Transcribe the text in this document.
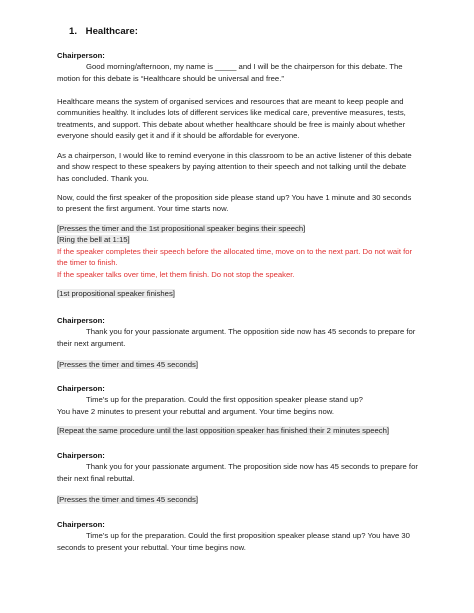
1. Healthcare:

Chairperson:

Good morning/afternoon, my name is _____ and I will be the chairperson for this debate. The

motion for this debate is “Healthcare should be universal and free.”

Healthcare means the system of organised services and resources that are meant to keep people and

communities healthy. It includes lots of different services like medical care, preventive measures, tests,

treatments, and support. This debate about whether healthcare should be free is mainly about whether

everyone should easily get it and if it should be affordable for everyone.

As a chairperson, I would like to remind everyone in this classroom to be an active listener of this debate

and show respect to these speakers by paying attention to their speech and not talking until the debate

has concluded. Thank you.

Now, could the first speaker of the proposition side please stand up? You have 1 minute and 30 seconds

to present the first argument. Your time starts now.

[Presses the timer and the 1st propositional speaker begins their speech]

[Ring the bell at 1:15]

If the speaker completes their speech before the allocated time, move on to the next part. Do not wait for

the timer to finish.

If the speaker talks over time, let them finish. Do not stop the speaker.

[1st propositional speaker finishes]

Chairperson:

Thank you for your passionate argument. The opposition side now has 45 seconds to prepare for

their next argument.

[Presses the timer and times 45 seconds]

Chairperson:

Time’s up for the preparation. Could the first opposition speaker please stand up?

You have 2 minutes to present your rebuttal and argument. Your time begins now.

[Repeat the same procedure until the last opposition speaker has finished their 2 minutes speech]

Chairperson:

Thank you for your passionate argument. The proposition side now has 45 seconds to prepare for

their next final rebuttal.

[Presses the timer and times 45 seconds]

Chairperson:

Time’s up for the preparation. Could the first proposition speaker please stand up? You have 30

seconds to present your rebuttal. Your time begins now.
